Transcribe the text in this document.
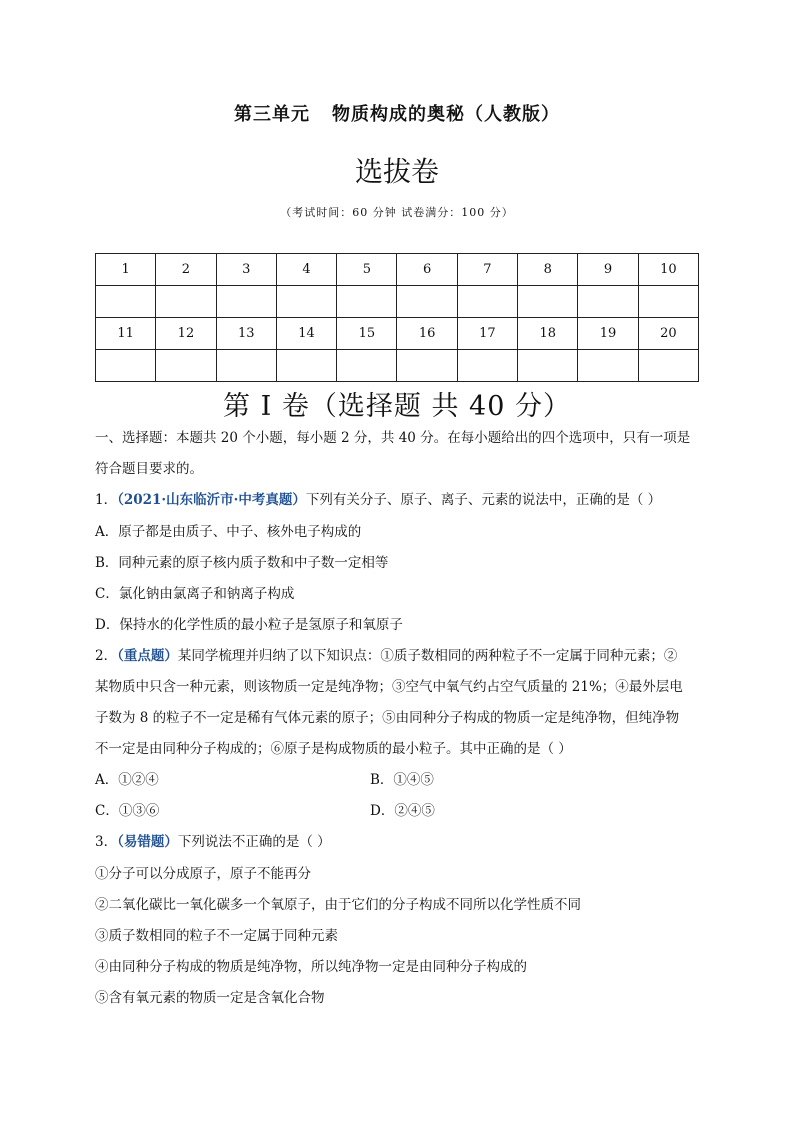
第三单元 物质构成的奥秘（人教版）
选拔卷
（考试时间：60 分钟 试卷满分：100 分）
1	2	3	4	5	6	7	8	9	10

11	12	13	14	15	16	17	18	19	20

第 I 卷（选择题 共 40 分）
一、选择题：本题共 20 个小题，每小题 2 分，共 40 分。在每小题给出的四个选项中，只有一项是
符合题目要求的。
1．（2021·山东临沂市·中考真题）下列有关分子、原子、离子、元素的说法中，正确的是（ ）
A．原子都是由质子、中子、核外电子构成的
B．同种元素的原子核内质子数和中子数一定相等
C．氯化钠由氯离子和钠离子构成
D．保持水的化学性质的最小粒子是氢原子和氧原子
2．（重点题）某同学梳理并归纳了以下知识点：①质子数相同的两种粒子不一定属于同种元素；②
某物质中只含一种元素，则该物质一定是纯净物；③空气中氧气约占空气质量的 21%；④最外层电
子数为 8 的粒子不一定是稀有气体元素的原子；⑤由同种分子构成的物质一定是纯净物，但纯净物
不一定是由同种分子构成的；⑥原子是构成物质的最小粒子。其中正确的是（ ）
A．①②④	B．①④⑤
C．①③⑥	D．②④⑤
3．（易错题）下列说法不正确的是（ ）
①分子可以分成原子，原子不能再分
②二氧化碳比一氧化碳多一个氧原子，由于它们的分子构成不同所以化学性质不同
③质子数相同的粒子不一定属于同种元素
④由同种分子构成的物质是纯净物，所以纯净物一定是由同种分子构成的
⑤含有氧元素的物质一定是含氧化合物
